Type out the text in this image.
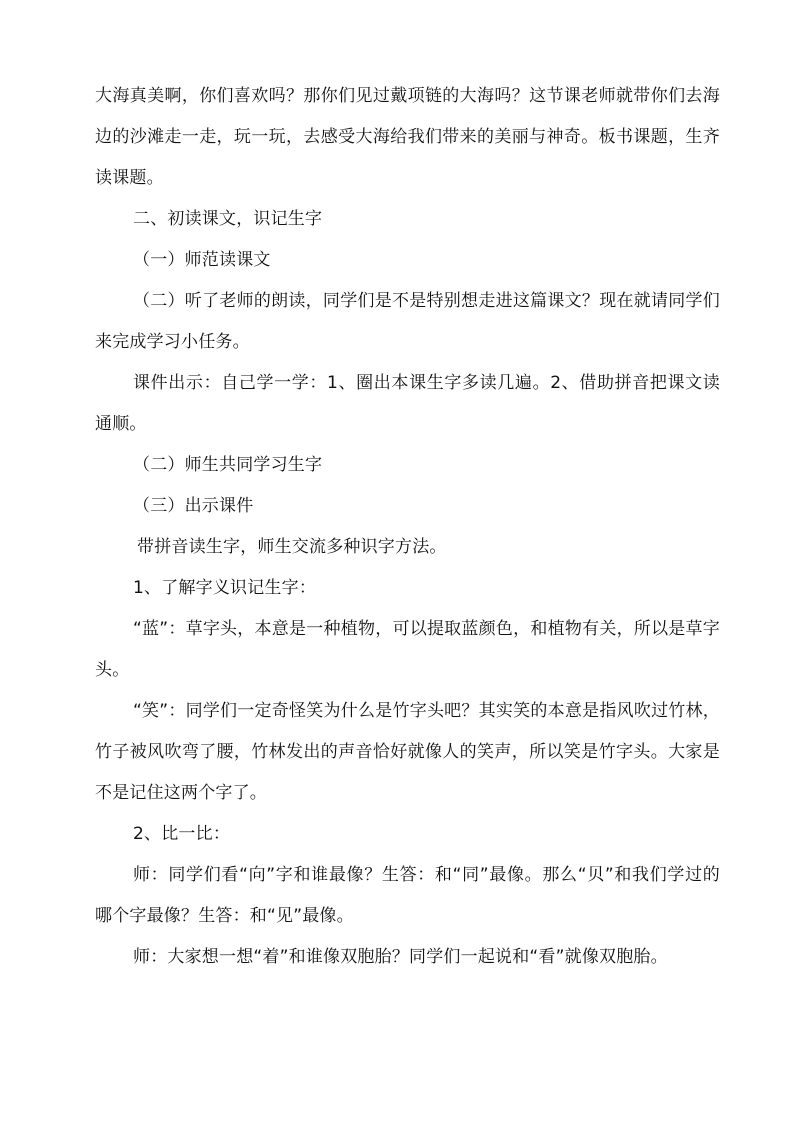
大海真美啊，你们喜欢吗？那你们见过戴项链的大海吗？这节课老师就带你们去海边的沙滩走一走，玩一玩，去感受大海给我们带来的美丽与神奇。板书课题，生齐读课题。

二、初读课文，识记生字

（一）师范读课文

（二）听了老师的朗读，同学们是不是特别想走进这篇课文？现在就请同学们来完成学习小任务。

课件出示：自己学一学：1、圈出本课生字多读几遍。2、借助拼音把课文读通顺。

（二）师生共同学习生字

（三）出示课件

带拼音读生字，师生交流多种识字方法。

1、了解字义识记生字：

“蓝”：草字头，本意是一种植物，可以提取蓝颜色，和植物有关，所以是草字头。

“笑”：同学们一定奇怪笑为什么是竹字头吧？其实笑的本意是指风吹过竹林，竹子被风吹弯了腰，竹林发出的声音恰好就像人的笑声，所以笑是竹字头。大家是不是记住这两个字了。

2、比一比：

师：同学们看“向”字和谁最像？生答：和“同”最像。那么“贝”和我们学过的哪个字最像？生答：和“见”最像。

师：大家想一想“着”和谁像双胞胎？同学们一起说和“看”就像双胞胎。
